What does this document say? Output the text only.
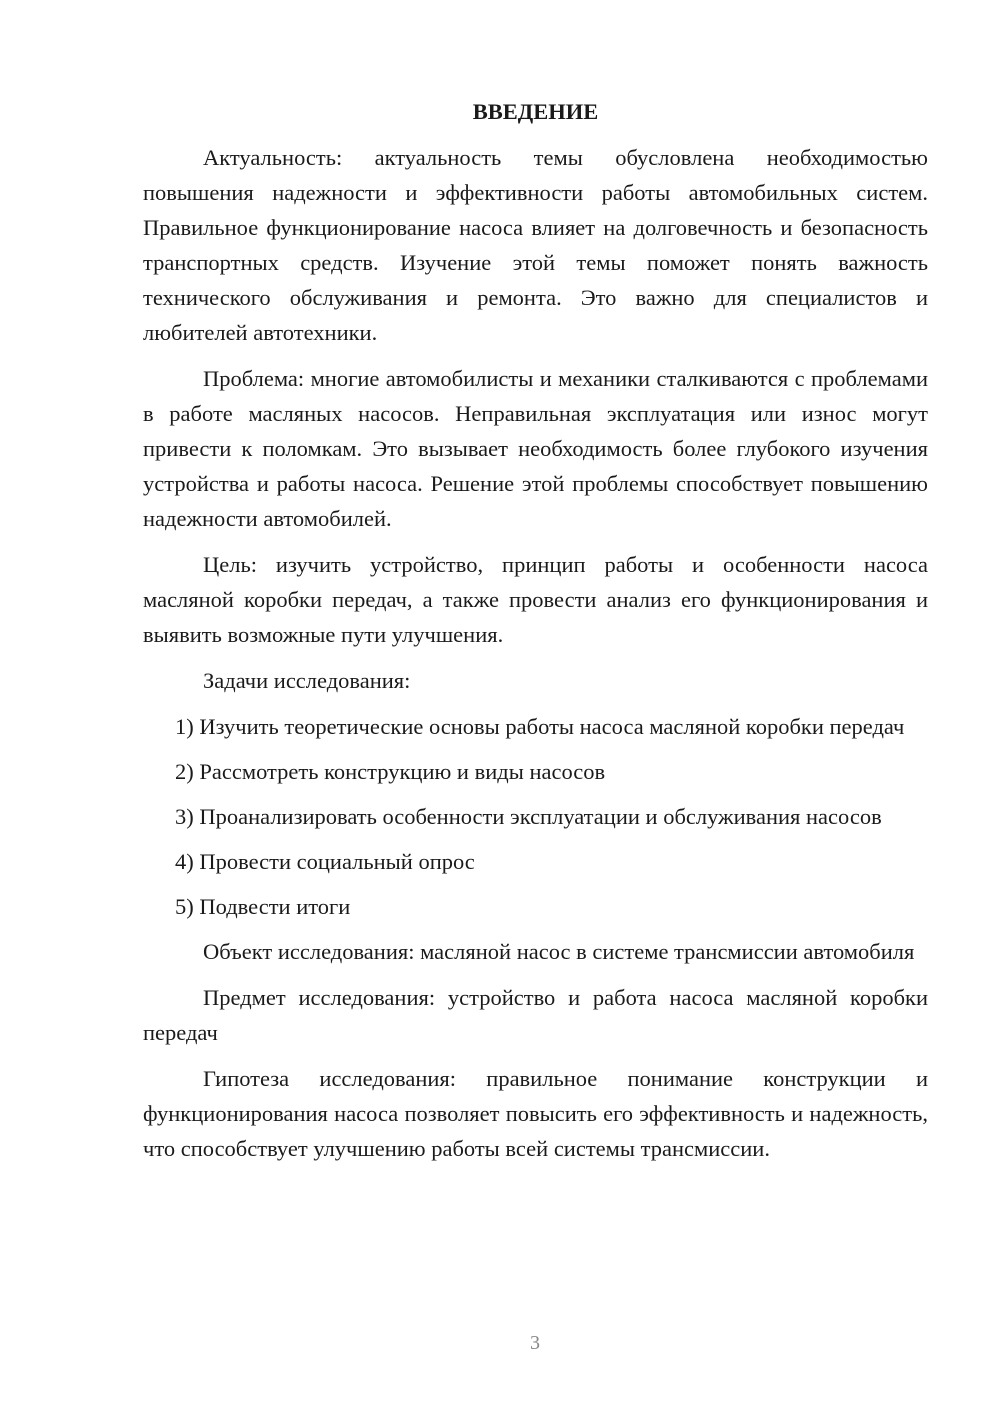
ВВЕДЕНИЕ

Актуальность: актуальность темы обусловлена необходимостью повышения надежности и эффективности работы автомобильных систем. Правильное функционирование насоса влияет на долговечность и безопасность транспортных средств. Изучение этой темы поможет понять важность технического обслуживания и ремонта. Это важно для специалистов и любителей автотехники.

Проблема: многие автомобилисты и механики сталкиваются с проблемами в работе масляных насосов. Неправильная эксплуатация или износ могут привести к поломкам. Это вызывает необходимость более глубокого изучения устройства и работы насоса. Решение этой проблемы способствует повышению надежности автомобилей.

Цель: изучить устройство, принцип работы и особенности насоса масляной коробки передач, а также провести анализ его функционирования и выявить возможные пути улучшения.

Задачи исследования:

1) Изучить теоретические основы работы насоса масляной коробки передач

2) Рассмотреть конструкцию и виды насосов

3) Проанализировать особенности эксплуатации и обслуживания насосов

4) Провести социальный опрос

5) Подвести итоги

Объект исследования: масляной насос в системе трансмиссии автомобиля

Предмет исследования: устройство и работа насоса масляной коробки передач

Гипотеза исследования: правильное понимание конструкции и функционирования насоса позволяет повысить его эффективность и надежность, что способствует улучшению работы всей системы трансмиссии.

3
